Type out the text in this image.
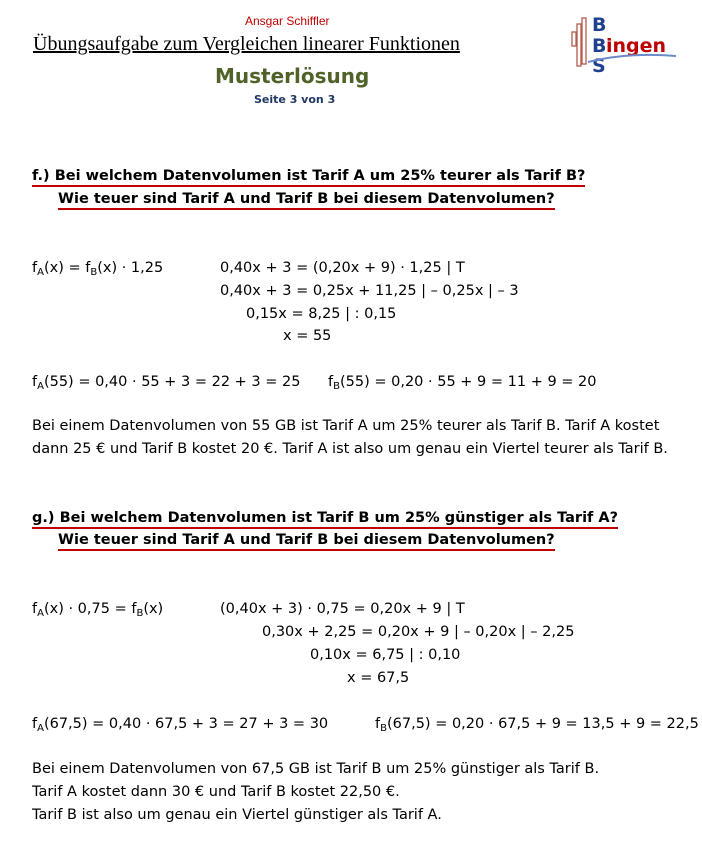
Ansgar Schiffler
Übungsaufgabe zum Vergleichen linearer Funktionen
Musterlösung
Seite 3 von 3
B
B ingen
S
f.) Bei welchem Datenvolumen ist Tarif A um 25% teurer als Tarif B?
Wie teuer sind Tarif A und Tarif B bei diesem Datenvolumen?
$f_A(x) = f_B(x) \cdot 1,25$	0,40x + 3 = (0,20x + 9) · 1,25 | T
0,40x + 3 = 0,25x + 11,25 | – 0,25x | – 3
0,15x = 8,25 | : 0,15
x = 55
$f_A(55) = 0,40 \cdot 55 + 3 = 22 + 3 = 25$ $f_B(55) = 0,20 \cdot 55 + 9 = 11 + 9 = 20$
Bei einem Datenvolumen von 55 GB ist Tarif A um 25% teurer als Tarif B. Tarif A kostet
dann 25 € und Tarif B kostet 20 €. Tarif A ist also um genau ein Viertel teurer als Tarif B.
g.) Bei welchem Datenvolumen ist Tarif B um 25% günstiger als Tarif A?
Wie teuer sind Tarif A und Tarif B bei diesem Datenvolumen?
$f_A(x) \cdot 0,75 = f_B(x)$	(0,40x + 3) · 0,75 = 0,20x + 9 | T
0,30x + 2,25 = 0,20x + 9 | – 0,20x | – 2,25
0,10x = 6,75 | : 0,10
x = 67,5
$f_A(67,5) = 0,40 \cdot 67,5 + 3 = 27 + 3 = 30$	$f_B(67,5) = 0,20 \cdot 67,5 + 9 = 13,5 + 9 = 22,5$
Bei einem Datenvolumen von 67,5 GB ist Tarif B um 25% günstiger als Tarif B.
Tarif A kostet dann 30 € und Tarif B kostet 22,50 €.
Tarif B ist also um genau ein Viertel günstiger als Tarif A.
